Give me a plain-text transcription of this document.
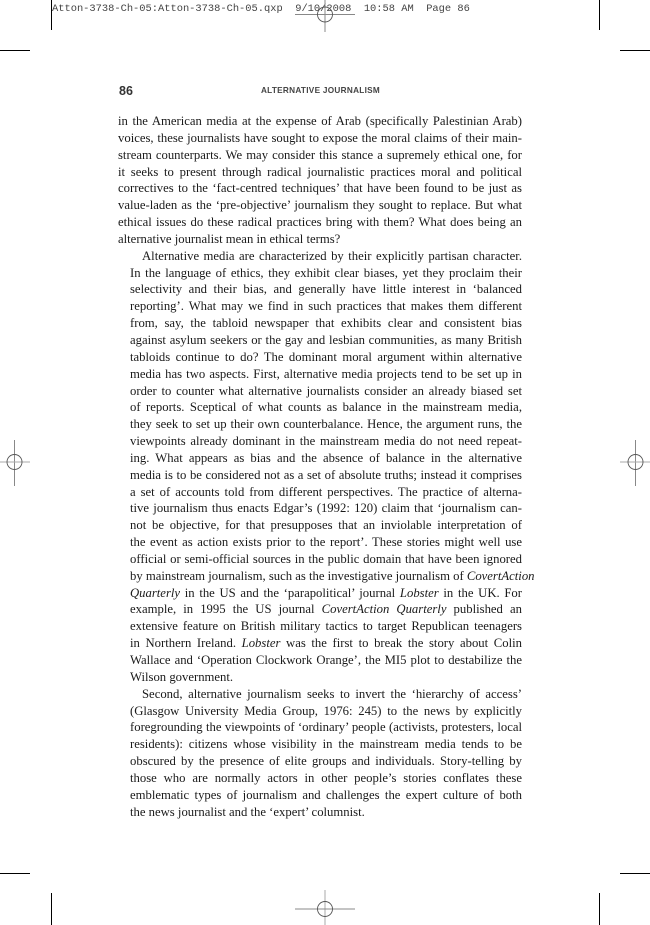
Atton-3738-Ch-05:Atton-3738-Ch-05.qxp 9/10/2008 10:58 AM Page 86
86	ALTERNATIVE JOURNALISM

in the American media at the expense of Arab (specifically Palestinian Arab)
voices, these journalists have sought to expose the moral claims of their main-
stream counterparts. We may consider this stance a supremely ethical one, for
it seeks to present through radical journalistic practices moral and political
correctives to the ‘fact-centred techniques’ that have been found to be just as
value-laden as the ‘pre-objective’ journalism they sought to replace. But what
ethical issues do these radical practices bring with them? What does being an
alternative journalist mean in ethical terms?

Alternative media are characterized by their explicitly partisan character.
In the language of ethics, they exhibit clear biases, yet they proclaim their
selectivity and their bias, and generally have little interest in ‘balanced
reporting’. What may we find in such practices that makes them different
from, say, the tabloid newspaper that exhibits clear and consistent bias
against asylum seekers or the gay and lesbian communities, as many British
tabloids continue to do? The dominant moral argument within alternative
media has two aspects. First, alternative media projects tend to be set up in
order to counter what alternative journalists consider an already biased set
of reports. Sceptical of what counts as balance in the mainstream media,
they seek to set up their own counterbalance. Hence, the argument runs, the
viewpoints already dominant in the mainstream media do not need repeat-
ing. What appears as bias and the absence of balance in the alternative
media is to be considered not as a set of absolute truths; instead it comprises
a set of accounts told from different perspectives. The practice of alterna-
tive journalism thus enacts Edgar’s (1992: 120) claim that ‘journalism can-
not be objective, for that presupposes that an inviolable interpretation of
the event as action exists prior to the report’. These stories might well use
official or semi-official sources in the public domain that have been ignored
by mainstream journalism, such as the investigative journalism of CovertAction
Quarterly in the US and the ‘parapolitical’ journal Lobster in the UK. For
example, in 1995 the US journal CovertAction Quarterly published an
extensive feature on British military tactics to target Republican teenagers
in Northern Ireland. Lobster was the first to break the story about Colin
Wallace and ‘Operation Clockwork Orange’, the MI5 plot to destabilize the
Wilson government.

Second, alternative journalism seeks to invert the ‘hierarchy of access’
(Glasgow University Media Group, 1976: 245) to the news by explicitly
foregrounding the viewpoints of ‘ordinary’ people (activists, protesters, local
residents): citizens whose visibility in the mainstream media tends to be
obscured by the presence of elite groups and individuals. Story-telling by
those who are normally actors in other people’s stories conflates these
emblematic types of journalism and challenges the expert culture of both
the news journalist and the ‘expert’ columnist.
